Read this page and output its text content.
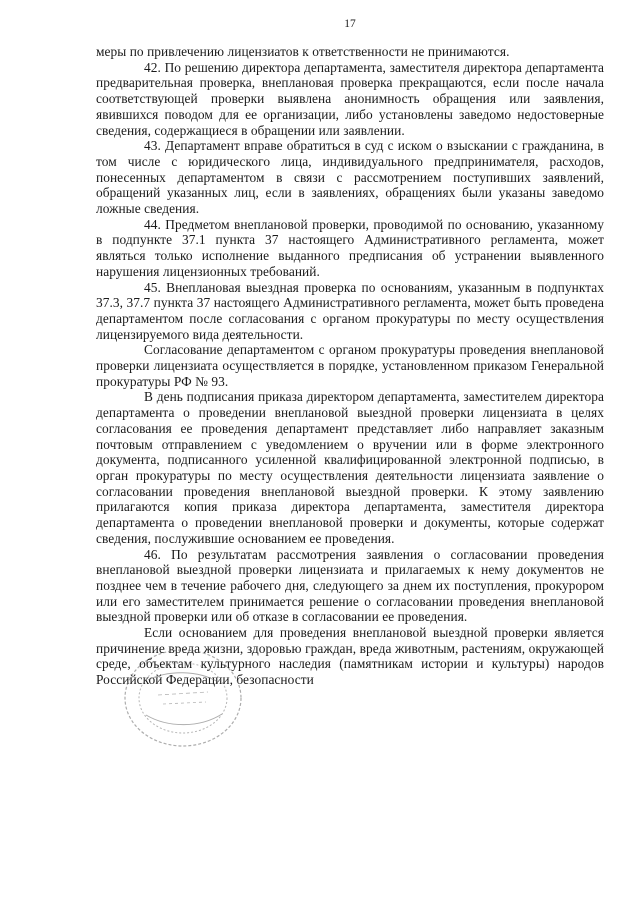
17

меры по привлечению лицензиатов к ответственности не принимаются.

42. По решению директора департамента, заместителя директора департамента предварительная проверка, внеплановая проверка прекращаются, если после начала соответствующей проверки выявлена анонимность обращения или заявления, явившихся поводом для ее организации, либо установлены заведомо недостоверные сведения, содержащиеся в обращении или заявлении.

43. Департамент вправе обратиться в суд с иском о взыскании с гражданина, в том числе с юридического лица, индивидуального предпринимателя, расходов, понесенных департаментом в связи с рассмотрением поступивших заявлений, обращений указанных лиц, если в заявлениях, обращениях были указаны заведомо ложные сведения.

44. Предметом внеплановой проверки, проводимой по основанию, указанному в подпункте 37.1 пункта 37 настоящего Административного регламента, может являться только исполнение выданного предписания об устранении выявленного нарушения лицензионных требований.

45. Внеплановая выездная проверка по основаниям, указанным в подпунктах 37.3, 37.7 пункта 37 настоящего Административного регламента, может быть проведена департаментом после согласования с органом прокуратуры по месту осуществления лицензируемого вида деятельности.

Согласование департаментом с органом прокуратуры проведения внеплановой проверки лицензиата осуществляется в порядке, установленном приказом Генеральной прокуратуры РФ № 93.

В день подписания приказа директором департамента, заместителем директора департамента о проведении внеплановой выездной проверки лицензиата в целях согласования ее проведения департамент представляет либо направляет заказным почтовым отправлением с уведомлением о вручении или в форме электронного документа, подписанного усиленной квалифицированной электронной подписью, в орган прокуратуры по месту осуществления деятельности лицензиата заявление о согласовании проведения внеплановой выездной проверки. К этому заявлению прилагаются копия приказа директора департамента, заместителя директора департамента о проведении внеплановой проверки и документы, которые содержат сведения, послужившие основанием ее проведения.

46. По результатам рассмотрения заявления о согласовании проведения внеплановой выездной проверки лицензиата и прилагаемых к нему документов не позднее чем в течение рабочего дня, следующего за днем их поступления, прокурором или его заместителем принимается решение о согласовании проведения внеплановой выездной проверки или об отказе в согласовании ее проведения.

Если основанием для проведения внеплановой выездной проверки является причинение вреда жизни, здоровью граждан, вреда животным, растениям, окружающей среде, объектам культурного наследия (памятникам истории и культуры) народов Российской Федерации, безопасности
